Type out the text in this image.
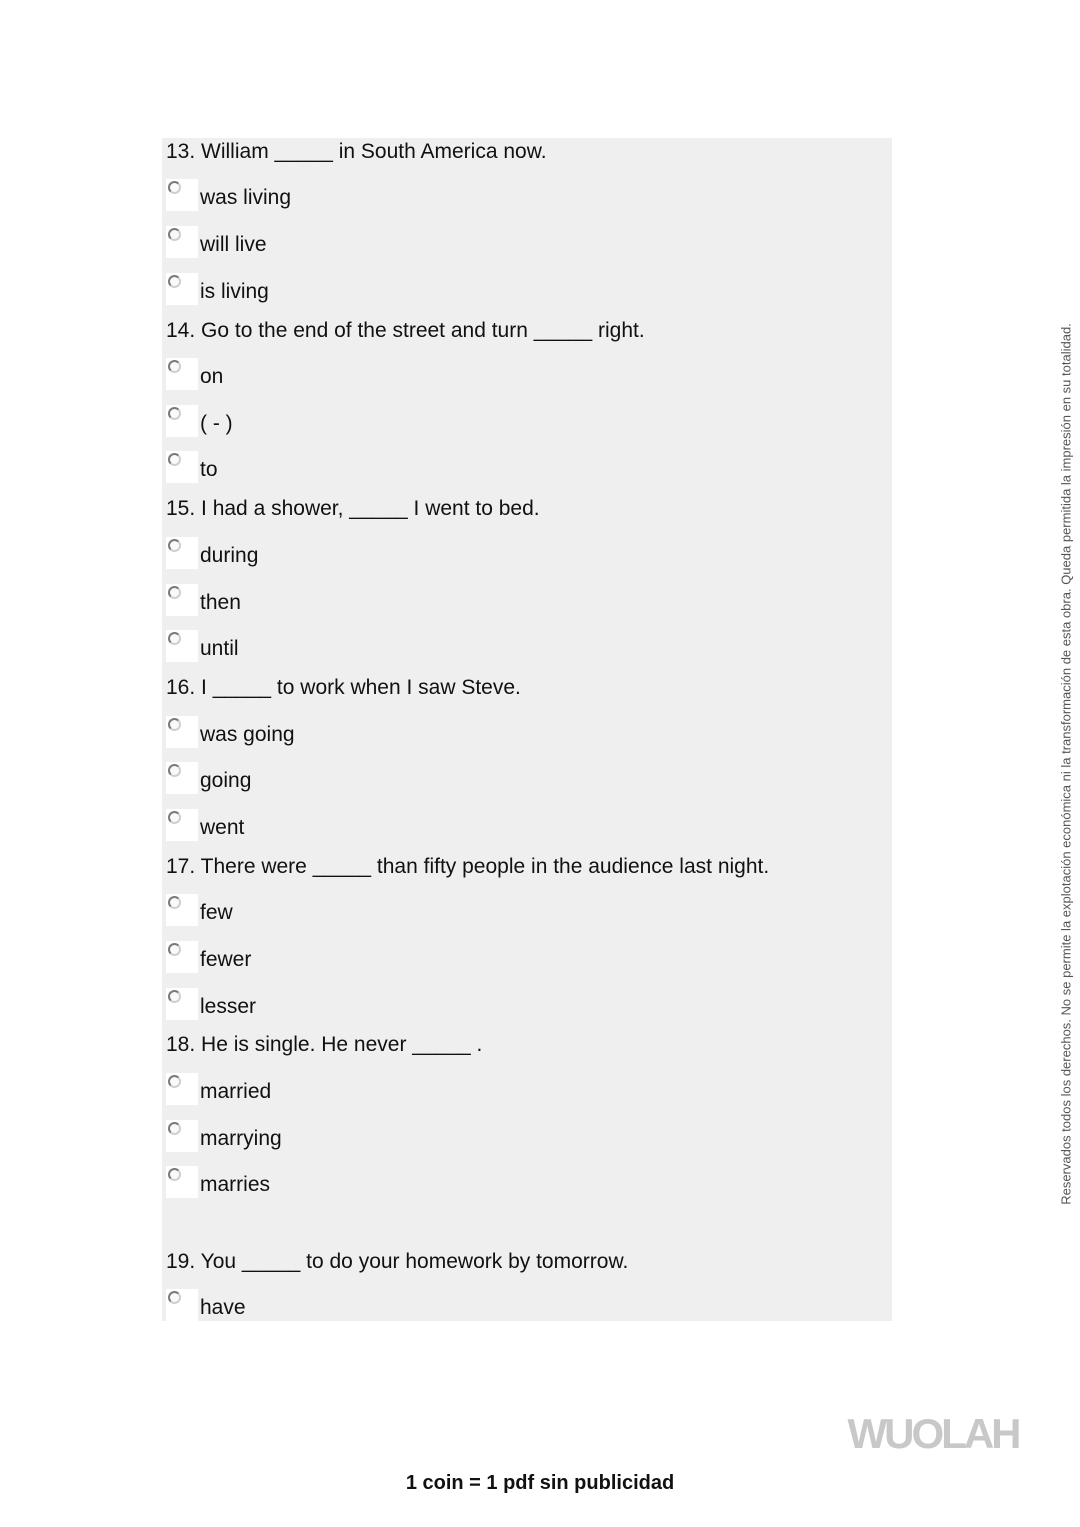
13. William _____ in South America now.
was living
will live
is living
14. Go to the end of the street and turn _____ right.
on
( - )
to
15. I had a shower, _____ I went to bed.
during
then
until
16. I _____ to work when I saw Steve.
was going
going
went
17. There were _____ than fifty people in the audience last night.
few
fewer
lesser
18. He is single. He never _____ .
married
marrying
marries
19. You _____ to do your homework by tomorrow.
have
Reservados todos los derechos. No se permite la explotación económica ni la transformación de esta obra. Queda permitida la impresión en su totalidad.
WUOLAH
1 coin = 1 pdf sin publicidad
